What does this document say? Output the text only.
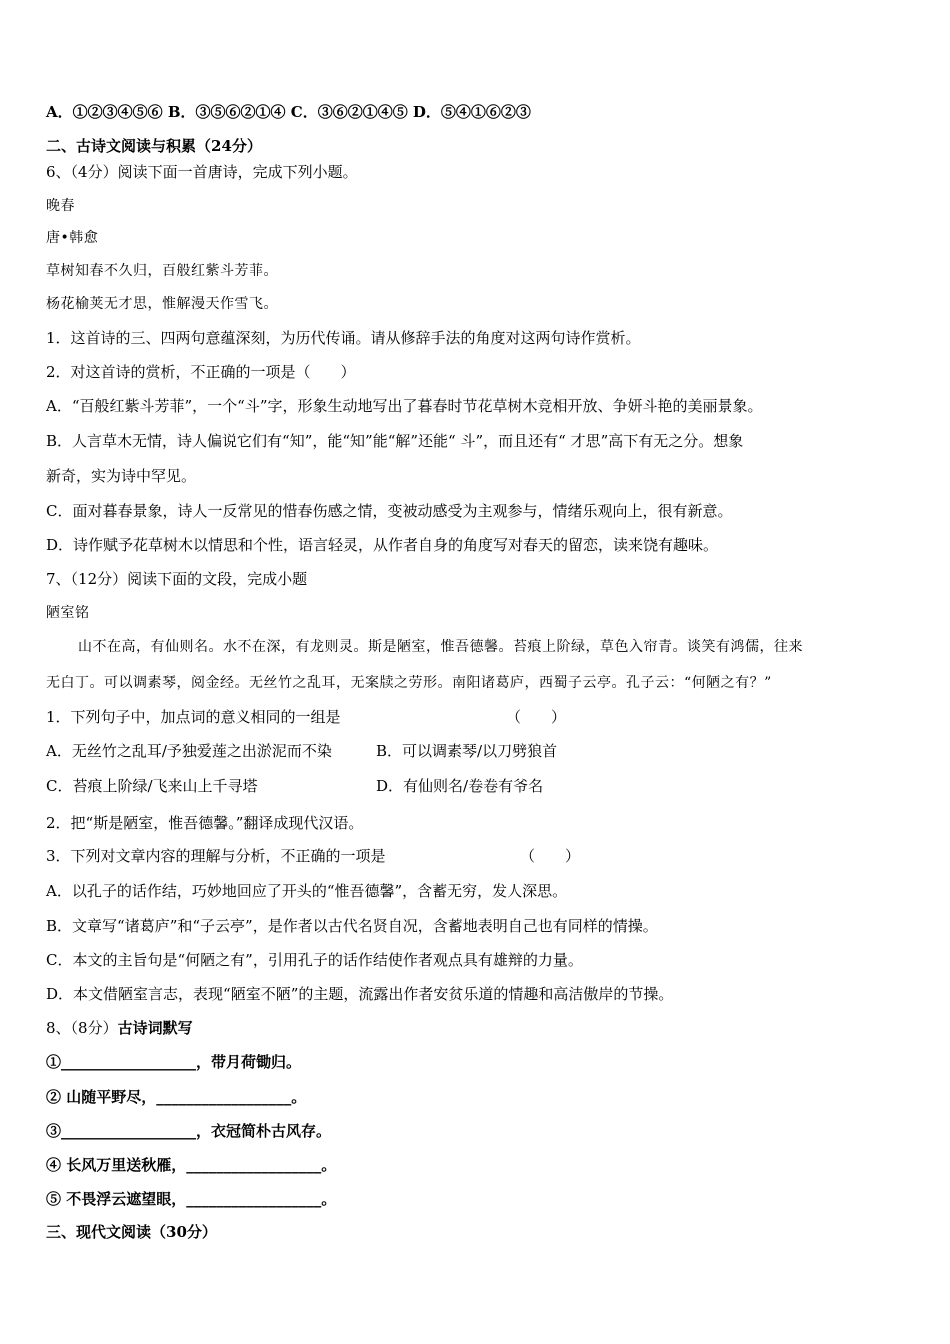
A．①②③④⑤⑥ B．③⑤⑥②①④ C．③⑥②①④⑤ D．⑤④①⑥②③
二、古诗文阅读与积累（24分）
6、（4分）阅读下面一首唐诗，完成下列小题。
晚春
唐•韩愈
草树知春不久归，百般红紫斗芳菲。
杨花榆荚无才思，惟解漫天作雪飞。
1．这首诗的三、四两句意蕴深刻，为历代传诵。请从修辞手法的角度对这两句诗作赏析。
2．对这首诗的赏析，不正确的一项是（　　）
A．“百般红紫斗芳菲”，一个“斗”字，形象生动地写出了暮春时节花草树木竞相开放、争妍斗艳的美丽景象。
B．人言草木无情，诗人偏说它们有“知”，能“知”能“解”还能“ 斗”，而且还有“ 才思”高下有无之分。想象
新奇，实为诗中罕见。
C．面对暮春景象，诗人一反常见的惜春伤感之情，变被动感受为主观参与，情绪乐观向上，很有新意。
D．诗作赋予花草树木以情思和个性，语言轻灵，从作者自身的角度写对春天的留恋，读来饶有趣味。
7、（12分）阅读下面的文段，完成小题
陋室铭
山不在高，有仙则名。水不在深，有龙则灵。斯是陋室，惟吾德馨。苔痕上阶绿，草色入帘青。谈笑有鸿儒，往来
无白丁。可以调素琴，阅金经。无丝竹之乱耳，无案牍之劳形。南阳诸葛庐，西蜀子云亭。孔子云：“何陋之有？”
1．下列句子中，加点词的意义相同的一组是	（　　）
A．无丝竹之乱耳/予独爱莲之出淤泥而不染	B．可以调素琴/以刀劈狼首
C．苔痕上阶绿/飞来山上千寻塔	D．有仙则名/卷卷有爷名
2．把“斯是陋室，惟吾德馨。”翻译成现代汉语。
3．下列对文章内容的理解与分析，不正确的一项是	（　　）
A．以孔子的话作结，巧妙地回应了开头的“惟吾德馨”，含蓄无穷，发人深思。
B．文章写“诸葛庐”和“子云亭”，是作者以古代名贤自况，含蓄地表明自己也有同样的情操。
C．本文的主旨句是“何陋之有”，引用孔子的话作结使作者观点具有雄辩的力量。
D．本文借陋室言志，表现“陋室不陋”的主题，流露出作者安贫乐道的情趣和高洁傲岸的节操。
8、（8分）古诗词默写
①__________________，带月荷锄归。
② 山随平野尽，__________________。
③__________________，衣冠简朴古风存。
④ 长风万里送秋雁，__________________。
⑤ 不畏浮云遮望眼，__________________。
三、现代文阅读（30分）
